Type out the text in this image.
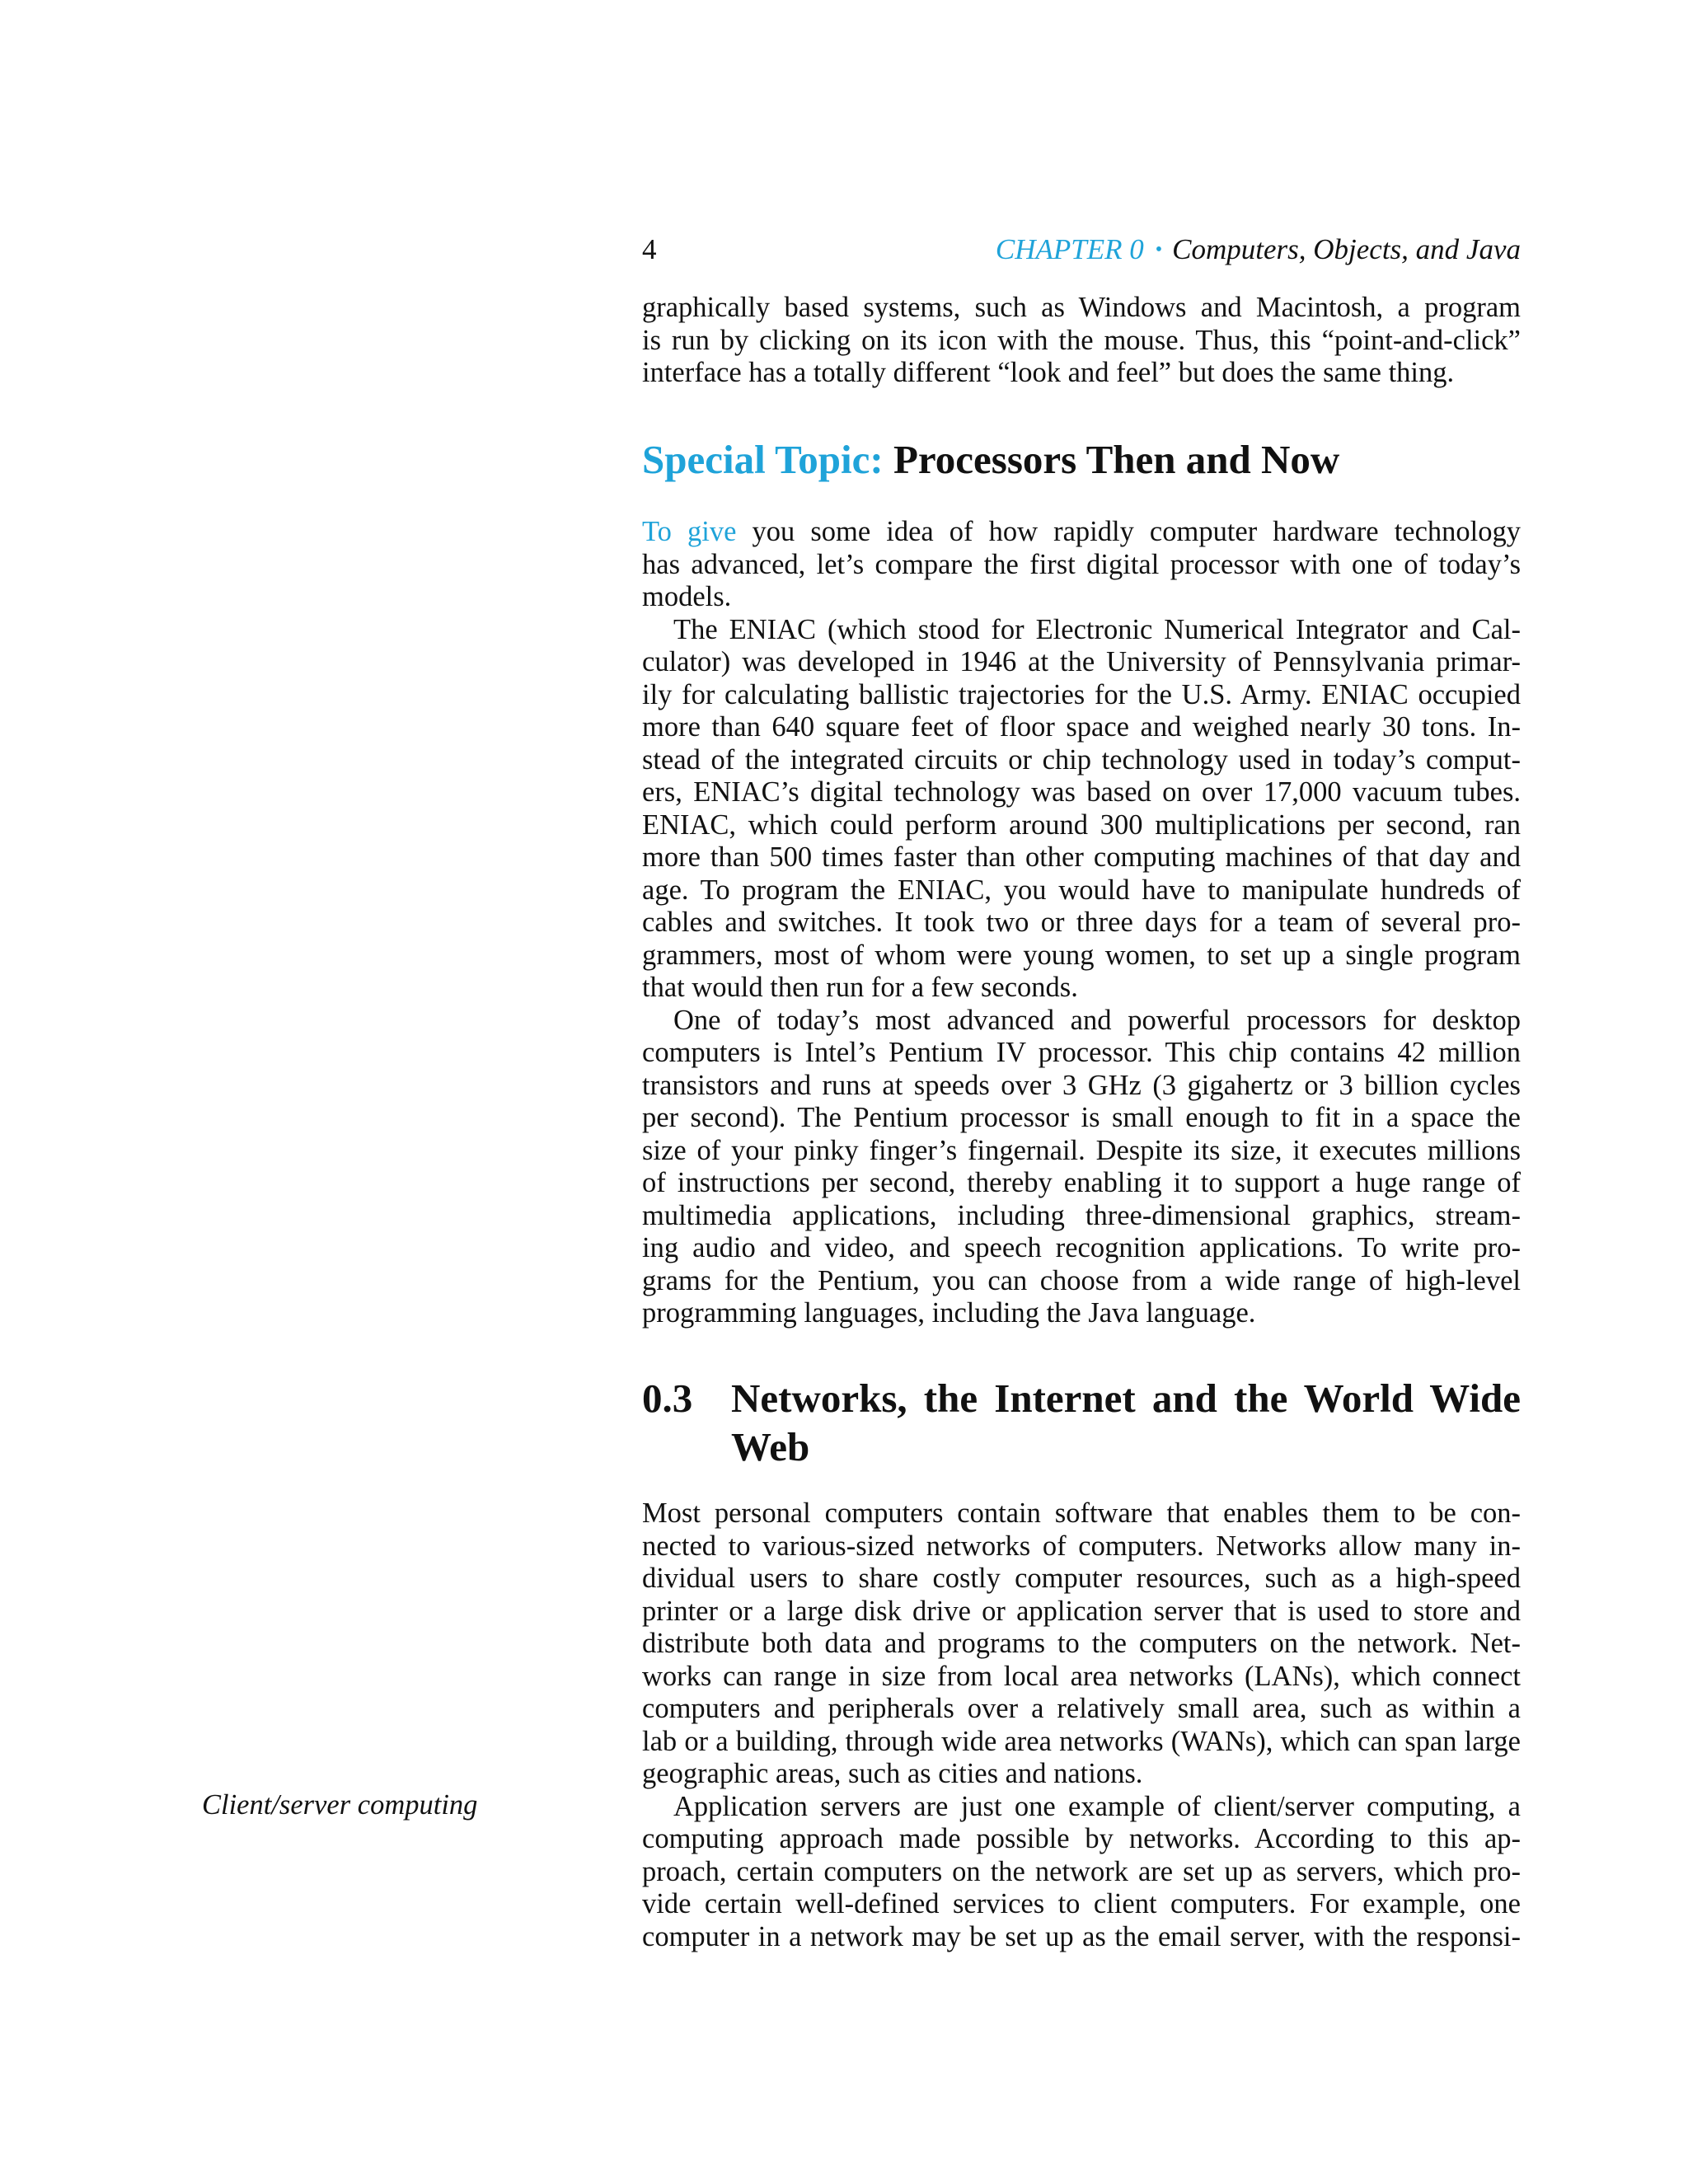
4	CHAPTER 0 • Computers, Objects, and Java

graphically based systems, such as Windows and Macintosh, a program
is run by clicking on its icon with the mouse. Thus, this “point-and-click”
interface has a totally different “look and feel” but does the same thing.

Special Topic: Processors Then and Now

To give you some idea of how rapidly computer hardware technology
has advanced, let’s compare the first digital processor with one of today’s
models.

The ENIAC (which stood for Electronic Numerical Integrator and Cal-
culator) was developed in 1946 at the University of Pennsylvania primar-
ily for calculating ballistic trajectories for the U.S. Army. ENIAC occupied
more than 640 square feet of floor space and weighed nearly 30 tons. In-
stead of the integrated circuits or chip technology used in today’s comput-
ers, ENIAC’s digital technology was based on over 17,000 vacuum tubes.
ENIAC, which could perform around 300 multiplications per second, ran
more than 500 times faster than other computing machines of that day and
age. To program the ENIAC, you would have to manipulate hundreds of
cables and switches. It took two or three days for a team of several pro-
grammers, most of whom were young women, to set up a single program
that would then run for a few seconds.

One of today’s most advanced and powerful processors for desktop
computers is Intel’s Pentium IV processor. This chip contains 42 million
transistors and runs at speeds over 3 GHz (3 gigahertz or 3 billion cycles
per second). The Pentium processor is small enough to fit in a space the
size of your pinky finger’s fingernail. Despite its size, it executes millions
of instructions per second, thereby enabling it to support a huge range of
multimedia applications, including three-dimensional graphics, stream-
ing audio and video, and speech recognition applications. To write pro-
grams for the Pentium, you can choose from a wide range of high-level
programming languages, including the Java language.

0.3 Networks, the Internet and the World Wide
Web

Most personal computers contain software that enables them to be con-
nected to various-sized networks of computers. Networks allow many in-
dividual users to share costly computer resources, such as a high-speed
printer or a large disk drive or application server that is used to store and
distribute both data and programs to the computers on the network. Net-
works can range in size from local area networks (LANs), which connect
computers and peripherals over a relatively small area, such as within a
lab or a building, through wide area networks (WANs), which can span large
geographic areas, such as cities and nations.

Application servers are just one example of client/server computing, a
computing approach made possible by networks. According to this ap-
proach, certain computers on the network are set up as servers, which pro-
vide certain well-defined services to client computers. For example, one
computer in a network may be set up as the email server, with the responsi-

Client/server computing
